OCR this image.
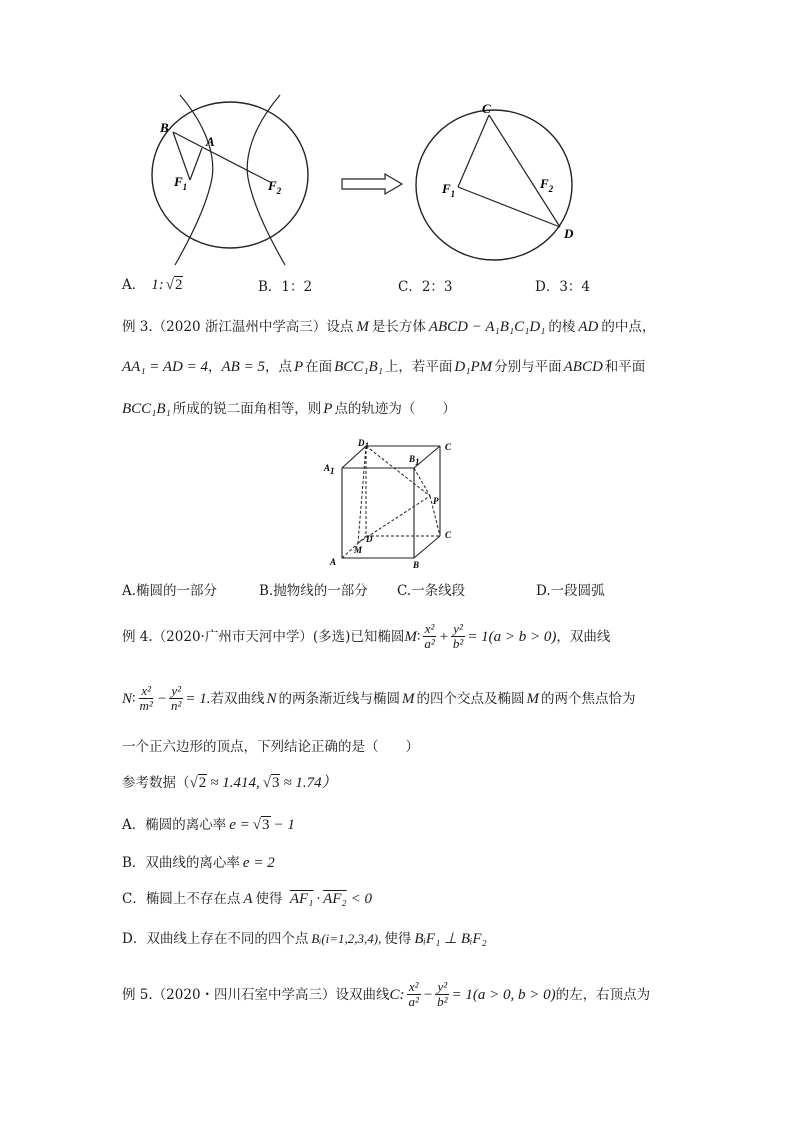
B
A
$F_1$	$F_2$
C
D
$F_1$
$F_2$
A． 1: √2	B．1：2	C．2：3	D．3：4
例 3.（2020 浙江温州中学高三）设点 M 是长方体 ABCD − A₁B₁C₁D₁ 的棱 AD 的中点，
AA₁ = AD = 4，AB = 5，点 P 在面 BCC₁B₁ 上，若平面 D₁PM 分别与平面 ABCD 和平面
BCC₁B₁ 所成的锐二面角相等，则 P 点的轨迹为（　　）
D1	C
A1
B1
P
D	C
M
A	B
A.椭圆的一部分	B.抛物线的一部分 C.一条线段	D.一段圆弧
例 4.（2020·广州市天河中学）(多选)已知椭圆 M ∶ $\frac{\text{x²}}{\text{a²}} + \frac{\text{y²}}{\text{b²}} = 1(a > b > 0)$ ，双曲线
N ∶ $\frac{\text{x²}}{\text{m²}} - \frac{\text{y²}}{\text{n²}} = 1$. 若双曲线 N 的两条渐近线与椭圆 M 的四个交点及椭圆 M 的两个焦点恰为
一个正六边形的顶点，下列结论正确的是（　　）
参考数据（√2 ≈ 1.414, √3 ≈ 1.74）
A．椭圆的离心率 e = √3 − 1
B．双曲线的离心率 e = 2
C．椭圆上不存在点 A 使得 AF₁ · AF₂ < 0
D．双曲线上存在不同的四个点 Bᵢ(i=1,2,3,4), 使得 BᵢF₁ ⊥ BᵢF₂
例 5.（2020・四川石室中学高三）设双曲线 C : $\frac{\text{x²}}{\text{a²}} - \frac{\text{y²}}{\text{b²}} = 1(a > 0$, b > 0) 的左，右顶点为
